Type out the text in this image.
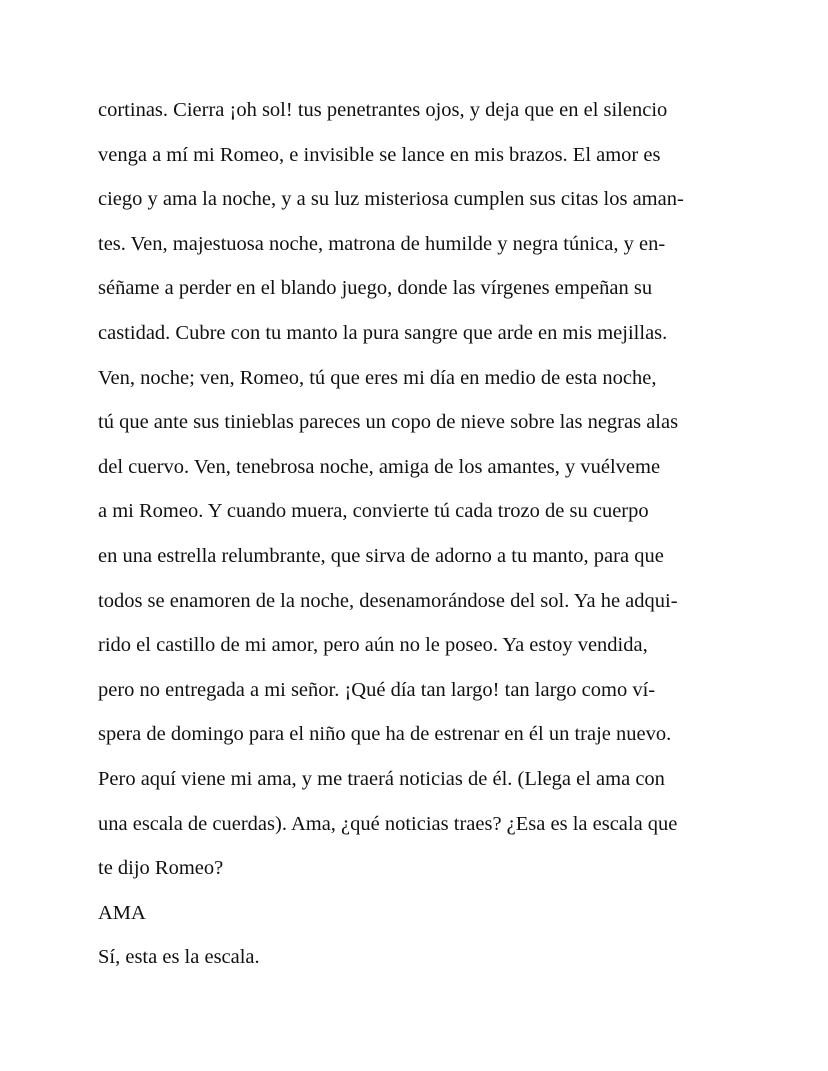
cortinas. Cierra ¡oh sol! tus penetrantes ojos, y deja que en el silencio
venga a mí mi Romeo, e invisible se lance en mis brazos. El amor es
ciego y ama la noche, y a su luz misteriosa cumplen sus citas los aman-
tes. Ven, majestuosa noche, matrona de humilde y negra túnica, y en-
séñame a perder en el blando juego, donde las vírgenes empeñan su
castidad. Cubre con tu manto la pura sangre que arde en mis mejillas.
Ven, noche; ven, Romeo, tú que eres mi día en medio de esta noche,
tú que ante sus tinieblas pareces un copo de nieve sobre las negras alas
del cuervo. Ven, tenebrosa noche, amiga de los amantes, y vuélveme
a mi Romeo. Y cuando muera, convierte tú cada trozo de su cuerpo
en una estrella relumbrante, que sirva de adorno a tu manto, para que
todos se enamoren de la noche, desenamorándose del sol. Ya he adqui-
rido el castillo de mi amor, pero aún no le poseo. Ya estoy vendida,
pero no entregada a mi señor. ¡Qué día tan largo! tan largo como ví-
spera de domingo para el niño que ha de estrenar en él un traje nuevo.
Pero aquí viene mi ama, y me traerá noticias de él. (Llega el ama con
una escala de cuerdas). Ama, ¿qué noticias traes? ¿Esa es la escala que
te dijo Romeo?
AMA
Sí, esta es la escala.
